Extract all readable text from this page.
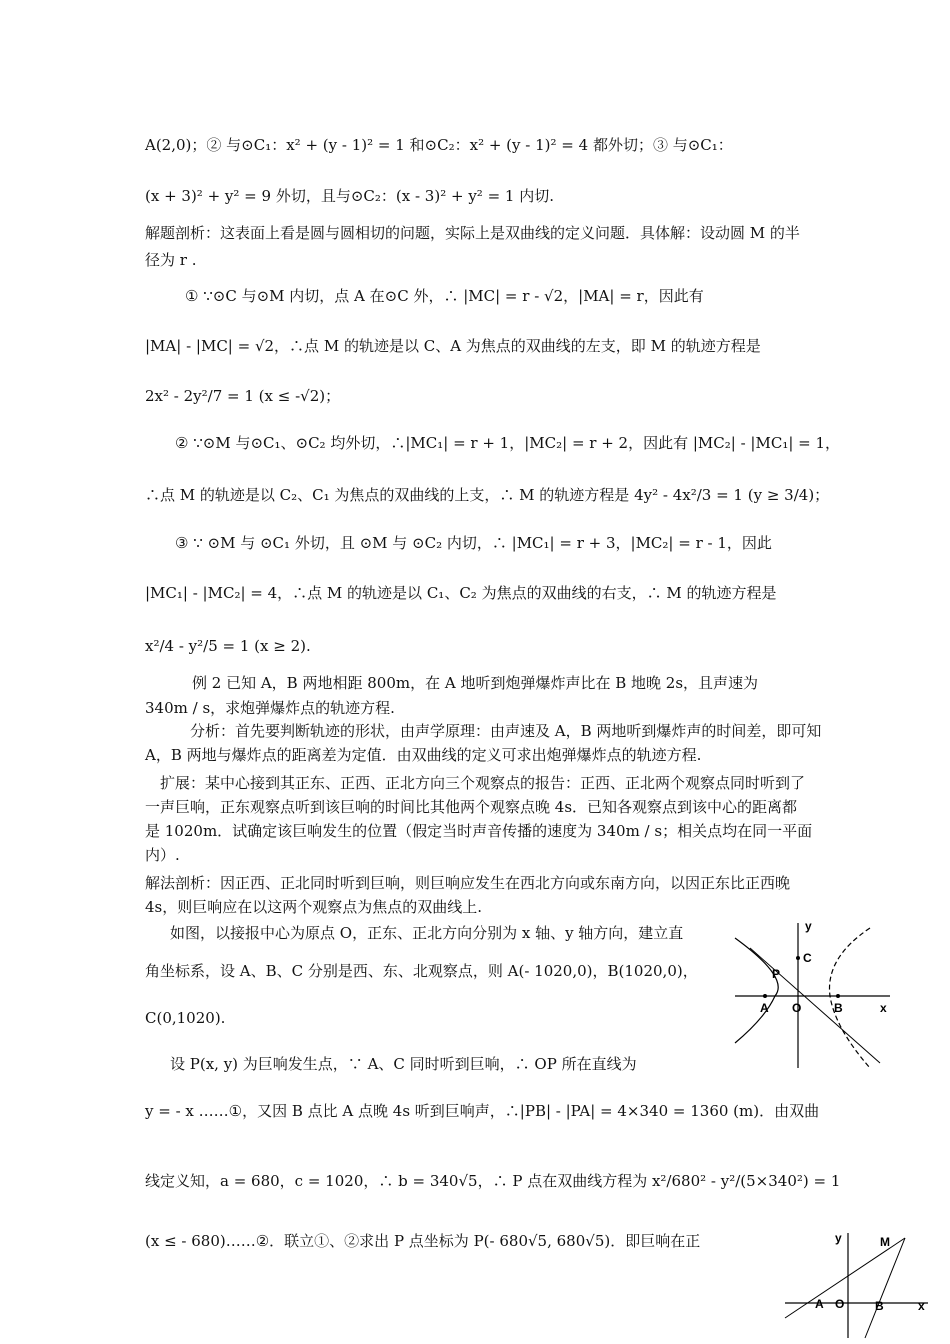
A(2,0)；② 与⊙C₁：x² + (y - 1)² = 1 和⊙C₂：x² + (y - 1)² = 4 都外切；③ 与⊙C₁：
(x + 3)² + y² = 9 外切，且与⊙C₂：(x - 3)² + y² = 1 内切.
解题剖析：这表面上看是圆与圆相切的问题，实际上是双曲线的定义问题．具体解：设动圆 M 的半
径为 r .
① ∵⊙C 与⊙M 内切，点 A 在⊙C 外，∴ |MC| = r - √2，|MA| = r，因此有
|MA| - |MC| = √2，∴点 M 的轨迹是以 C、A 为焦点的双曲线的左支，即 M 的轨迹方程是
2x² - 2y²/7 = 1 (x ≤ -√2)；
② ∵⊙M 与⊙C₁、⊙C₂ 均外切，∴|MC₁| = r + 1，|MC₂| = r + 2，因此有 |MC₂| - |MC₁| = 1，
∴点 M 的轨迹是以 C₂、C₁ 为焦点的双曲线的上支，∴ M 的轨迹方程是 4y² - 4x²/3 = 1 (y ≥ 3/4)；
③ ∵ ⊙M 与 ⊙C₁ 外切，且 ⊙M 与 ⊙C₂ 内切，∴ |MC₁| = r + 3，|MC₂| = r - 1，因此
|MC₁| - |MC₂| = 4，∴点 M 的轨迹是以 C₁、C₂ 为焦点的双曲线的右支，∴ M 的轨迹方程是
x²/4 - y²/5 = 1 (x ≥ 2).
例 2 已知 A，B 两地相距 800m，在 A 地听到炮弹爆炸声比在 B 地晚 2s，且声速为
340m / s，求炮弹爆炸点的轨迹方程.
分析：首先要判断轨迹的形状，由声学原理：由声速及 A，B 两地听到爆炸声的时间差，即可知
A，B 两地与爆炸点的距离差为定值．由双曲线的定义可求出炮弹爆炸点的轨迹方程.
扩展：某中心接到其正东、正西、正北方向三个观察点的报告：正西、正北两个观察点同时听到了
一声巨响，正东观察点听到该巨响的时间比其他两个观察点晚 4s．已知各观察点到该中心的距离都
是 1020m．试确定该巨响发生的位置（假定当时声音传播的速度为 340m / s；相关点均在同一平面
内）.
解法剖析：因正西、正北同时听到巨响，则巨响应发生在西北方向或东南方向，以因正东比正西晚
4s，则巨响应在以这两个观察点为焦点的双曲线上.
如图，以接报中心为原点 O，正东、正北方向分别为 x 轴、y 轴方向，建立直
角坐标系，设 A、B、C 分别是西、东、北观察点，则 A(- 1020,0)，B(1020,0)，
C(0,1020).
设 P(x, y) 为巨响发生点，∵ A、C 同时听到巨响，∴ OP 所在直线为
y = - x ……①，又因 B 点比 A 点晚 4s 听到巨响声，∴|PB| - |PA| = 4×340 = 1360 (m)．由双曲
线定义知，a = 680，c = 1020，∴ b = 340√5，∴ P 点在双曲线方程为 x²/680² - y²/(5×340²) = 1
(x ≤ - 680)……②．联立①、②求出 P 点坐标为 P(- 680√5, 680√5)．即巨响在正
y
C
P
A O	B	x
y	M
A O	B	x
